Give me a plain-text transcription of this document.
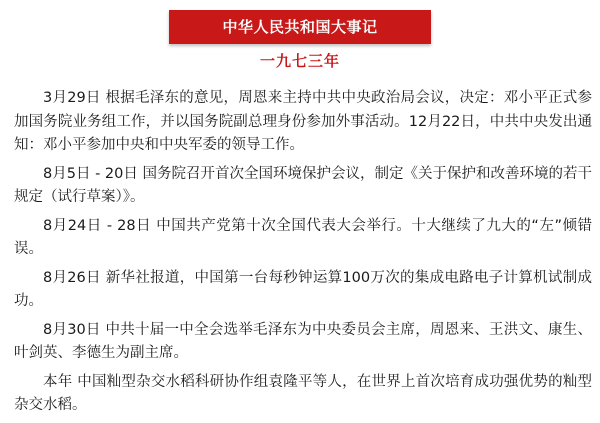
中华人民共和国大事记
一九七三年

3月29日 根据毛泽东的意见，周恩来主持中共中央政治局会议，决定：邓小平正式参加国务院业务组工作，并以国务院副总理身份参加外事活动。12月22日，中共中央发出通知：邓小平参加中央和中央军委的领导工作。

8月5日 - 20日 国务院召开首次全国环境保护会议，制定《关于保护和改善环境的若干规定（试行草案）》。

8月24日 - 28日 中国共产党第十次全国代表大会举行。十大继续了九大的“左”倾错误。

8月26日 新华社报道，中国第一台每秒钟运算100万次的集成电路电子计算机试制成功。

8月30日 中共十届一中全会选举毛泽东为中央委员会主席，周恩来、王洪文、康生、叶剑英、李德生为副主席。

本年 中国籼型杂交水稻科研协作组袁隆平等人，在世界上首次培育成功强优势的籼型杂交水稻。
